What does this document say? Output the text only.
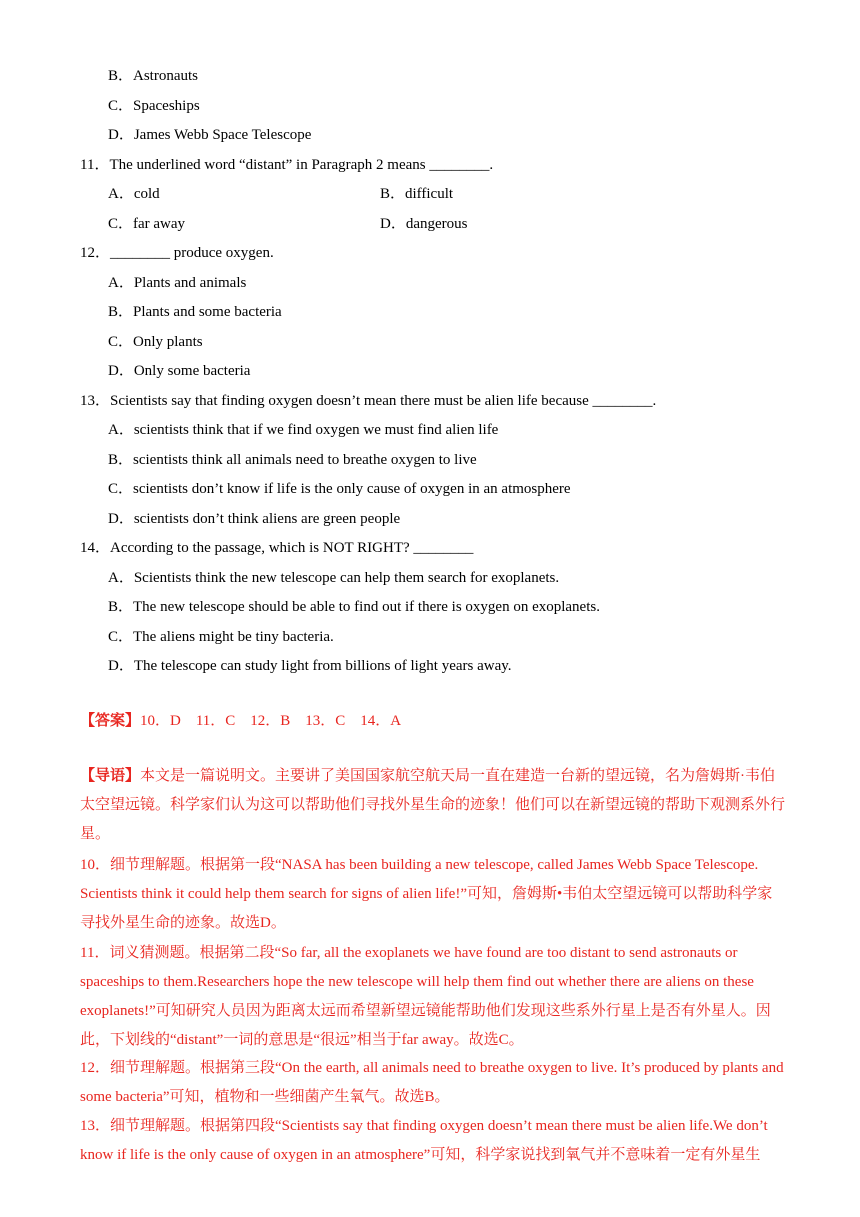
B．Astronauts
C．Spaceships
D．James Webb Space Telescope
11．The underlined word “distant” in Paragraph 2 means ________.
A．cold	B．difficult
C．far away	D．dangerous
12．________ produce oxygen.
A．Plants and animals
B．Plants and some bacteria
C．Only plants
D．Only some bacteria
13．Scientists say that finding oxygen doesn’t mean there must be alien life because ________.
A．scientists think that if we find oxygen we must find alien life
B．scientists think all animals need to breathe oxygen to live
C．scientists don’t know if life is the only cause of oxygen in an atmosphere
D．scientists don’t think aliens are green people
14．According to the passage, which is NOT RIGHT? ________
A．Scientists think the new telescope can help them search for exoplanets.
B．The new telescope should be able to find out if there is oxygen on exoplanets.
C．The aliens might be tiny bacteria.
D．The telescope can study light from billions of light years away.
【答案】10．D　11．C　12．B　13．C　14．A
【导语】本文是一篇说明文。主要讲了美国国家航空航天局一直在建造一台新的望远镜，名为詹姆斯·韦伯太空望远镜。科学家们认为这可以帮助他们寻找外星生命的迹象！他们可以在新望远镜的帮助下观测系外行星。
10．细节理解题。根据第一段“NASA has been building a new telescope, called James Webb Space Telescope. Scientists think it could help them search for signs of alien life!”可知，詹姆斯•韦伯太空望远镜可以帮助科学家寻找外星生命的迹象。故选D。
11．词义猜测题。根据第二段“So far, all the exoplanets we have found are too distant to send astronauts or spaceships to them.Researchers hope the new telescope will help them find out whether there are aliens on these exoplanets!”可知研究人员因为距离太远而希望新望远镜能帮助他们发现这些系外行星上是否有外星人。因此，下划线的“distant”一词的意思是“很远”相当于far away。故选C。
12．细节理解题。根据第三段“On the earth, all animals need to breathe oxygen to live. It’s produced by plants and some bacteria”可知，植物和一些细菌产生氧气。故选B。
13．细节理解题。根据第四段“Scientists say that finding oxygen doesn’t mean there must be alien life.We don’t know if life is the only cause of oxygen in an atmosphere”可知，科学家说找到氧气并不意味着一定有外星生
